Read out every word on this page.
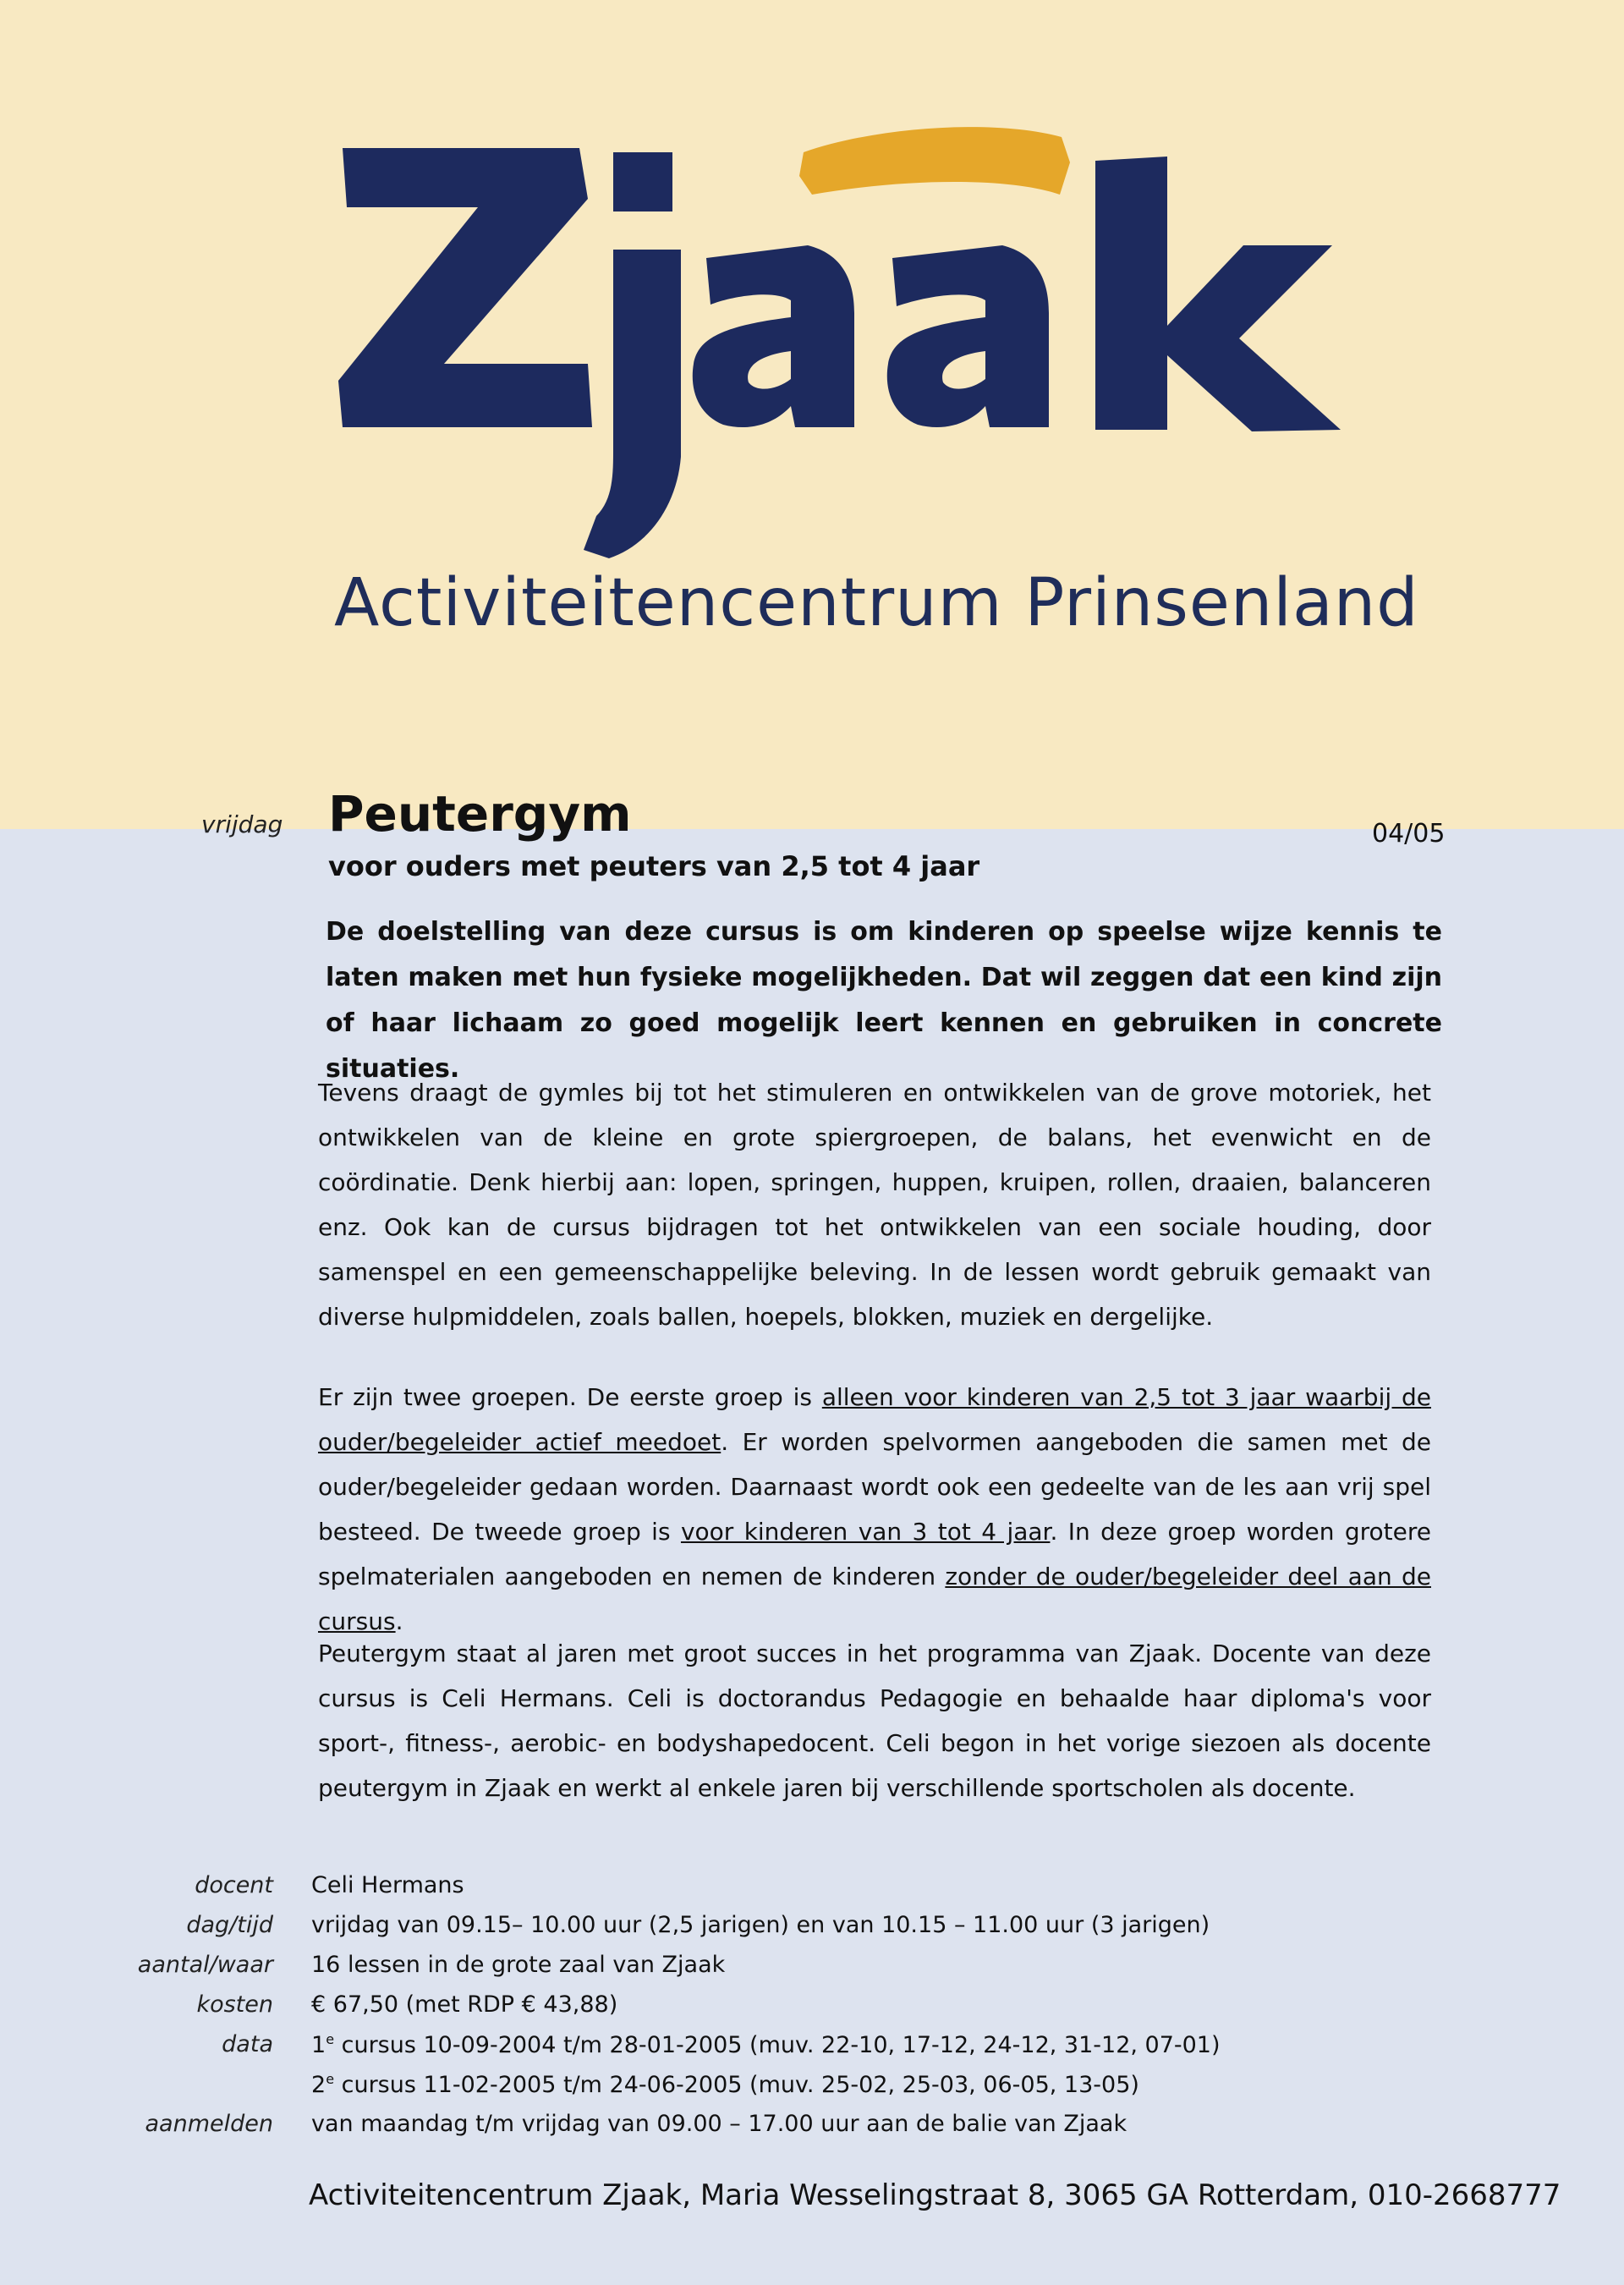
Activiteitencentrum Prinsenland
vrijdag Peutergym	04/05
voor ouders met peuters van 2,5 tot 4 jaar
De doelstelling van deze cursus is om kinderen op speelse wijze kennis te laten maken met hun fysieke mogelijkheden. Dat wil zeggen dat een kind zijn of haar lichaam zo goed mogelijk leert kennen en gebruiken in concrete situaties.
Tevens draagt de gymles bij tot het stimuleren en ontwikkelen van de grove motoriek, het ontwikkelen van de kleine en grote spiergroepen, de balans, het evenwicht en de coördinatie. Denk hierbij aan: lopen, springen, huppen, kruipen, rollen, draaien, balanceren enz. Ook kan de cursus bijdragen tot het ontwikkelen van een sociale houding, door samenspel en een gemeenschappelijke beleving. In de lessen wordt gebruik gemaakt van diverse hulpmiddelen, zoals ballen, hoepels, blokken, muziek en dergelijke.
Er zijn twee groepen. De eerste groep is alleen voor kinderen van 2,5 tot 3 jaar waarbij de ouder/begeleider actief meedoet. Er worden spelvormen aangeboden die samen met de ouder/begeleider gedaan worden. Daarnaast wordt ook een gedeelte van de les aan vrij spel besteed. De tweede groep is voor kinderen van 3 tot 4 jaar. In deze groep worden grotere spelmaterialen aangeboden en nemen de kinderen zonder de ouder/begeleider deel aan de cursus.
Peutergym staat al jaren met groot succes in het programma van Zjaak. Docente van deze cursus is Celi Hermans. Celi is doctorandus Pedagogie en behaalde haar diploma's voor sport-, fitness-, aerobic- en bodyshapedocent. Celi begon in het vorige siezoen als docente peutergym in Zjaak en werkt al enkele jaren bij verschillende sportscholen als docente.
docent	Celi Hermans
dag/tijd	vrijdag van 09.15– 10.00 uur (2,5 jarigen) en van 10.15 – 11.00 uur (3 jarigen)
aantal/waar	16 lessen in de grote zaal van Zjaak
kosten	€ 67,50 (met RDP € 43,88)
data	1e cursus 10-09-2004 t/m 28-01-2005 (muv. 22-10, 17-12, 24-12, 31-12, 07-01)
2e cursus 11-02-2005 t/m 24-06-2005 (muv. 25-02, 25-03, 06-05, 13-05)
aanmelden	van maandag t/m vrijdag van 09.00 – 17.00 uur aan de balie van Zjaak
Activiteitencentrum Zjaak, Maria Wesselingstraat 8, 3065 GA Rotterdam, 010-2668777
